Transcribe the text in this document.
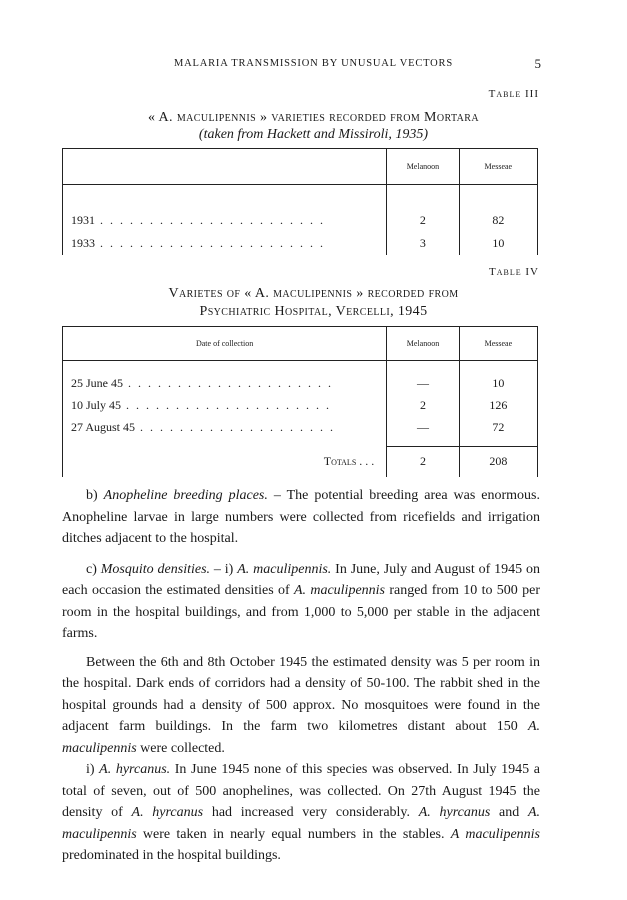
MALARIA TRANSMISSION BY UNUSUAL VECTORS	5
Table III
« A. maculipennis » varieties recorded from Mortara
(taken from Hackett and Missiroli, 1935)
	Melanoon	Messeae

1931 . . . . . . . . . . . . . . . . . . . . . . .	2	82
1933 . . . . . . . . . . . . . . . . . . . . . . .	3	10
Table IV
Varietes of « A. maculipennis » recorded from
Psychiatric Hospital, Vercelli, 1945
Date of collection	Melanoon	Messeae

25 June 45 . . . . . . . . . . . . . . . . . . . . .	—	10
10 July 45 . . . . . . . . . . . . . . . . . . . . .	2	126
27 August 45 . . . . . . . . . . . . . . . . . . . .	—	72

Totals . . .	2	208

b) Anopheline breeding places. – The potential breeding area was enormous. Anopheline larvae in large numbers were collected from ricefields and irrigation ditches adjacent to the hospital.

c) Mosquito densities. – i) A. maculipennis. In June, July and August of 1945 on each occasion the estimated densities of A. maculipennis ranged from 10 to 500 per room in the hospital buildings, and from 1,000 to 5,000 per stable in the adjacent farms.

Between the 6th and 8th October 1945 the estimated density was 5 per room in the hospital. Dark ends of corridors had a density of 50-100. The rabbit shed in the hospital grounds had a density of 500 approx. No mosquitoes were found in the adjacent farm buildings. In the farm two kilometres distant about 150 A. maculipennis were collected.

i) A. hyrcanus. In June 1945 none of this species was observed. In July 1945 a total of seven, out of 500 anophelines, was collected. On 27th August 1945 the density of A. hyrcanus had increased very considerably. A. hyrcanus and A. maculipennis were taken in nearly equal numbers in the stables. A maculipennis predominated in the hospital buildings.
